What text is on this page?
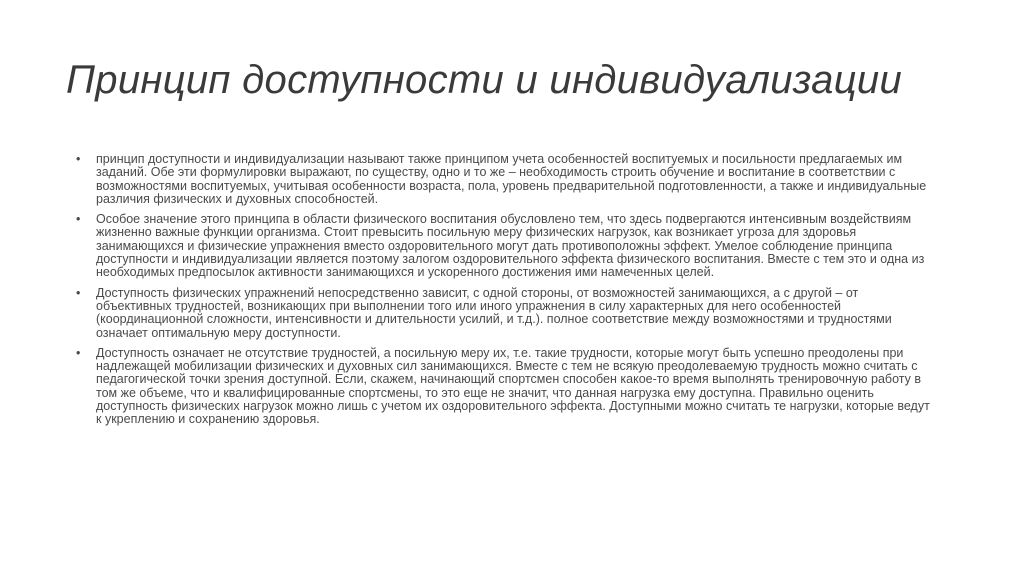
Принцип доступности и индивидуализации
•	принцип доступности и индивидуализации называют также принципом учета особенностей воспитуемых и посильности предлагаемых им заданий. Обе эти формулировки выражают, по существу, одно и то же – необходимость строить обучение и воспитание в соответствии с возможностями воспитуемых, учитывая особенности возраста, пола, уровень предварительной подготовленности, а также и индивидуальные различия физических и духовных способностей.
•	Особое значение этого принципа в области физического воспитания обусловлено тем, что здесь подвергаются интенсивным воздействиям жизненно важные функции организма. Стоит превысить посильную меру физических нагрузок, как возникает угроза для здоровья занимающихся и физические упражнения вместо оздоровительного могут дать противоположны эффект. Умелое соблюдение принципа доступности и индивидуализации является поэтому залогом оздоровительного эффекта физического воспитания. Вместе с тем это и одна из необходимых предпосылок активности занимающихся и ускоренного достижения ими намеченных целей.
•	Доступность физических упражнений непосредственно зависит, с одной стороны, от возможностей занимающихся, а с другой – от объективных трудностей, возникающих при выполнении того или иного упражнения в силу характерных для него особенностей (координационной сложности, интенсивности и длительности усилий, и т.д.). полное соответствие между возможностями и трудностями означает оптимальную меру доступности.
•	Доступность означает не отсутствие трудностей, а посильную меру их, т.е. такие трудности, которые могут быть успешно преодолены при надлежащей мобилизации физических и духовных сил занимающихся. Вместе с тем не всякую преодолеваемую трудность можно считать с педагогической точки зрения доступной. Если, скажем, начинающий спортсмен способен какое-то время выполнять тренировочную работу в том же объеме, что и квалифицированные спортсмены, то это еще не значит, что данная нагрузка ему доступна. Правильно оценить доступность физических нагрузок можно лишь с учетом их оздоровительного эффекта. Доступными можно считать те нагрузки, которые ведут к укреплению и сохранению здоровья.
